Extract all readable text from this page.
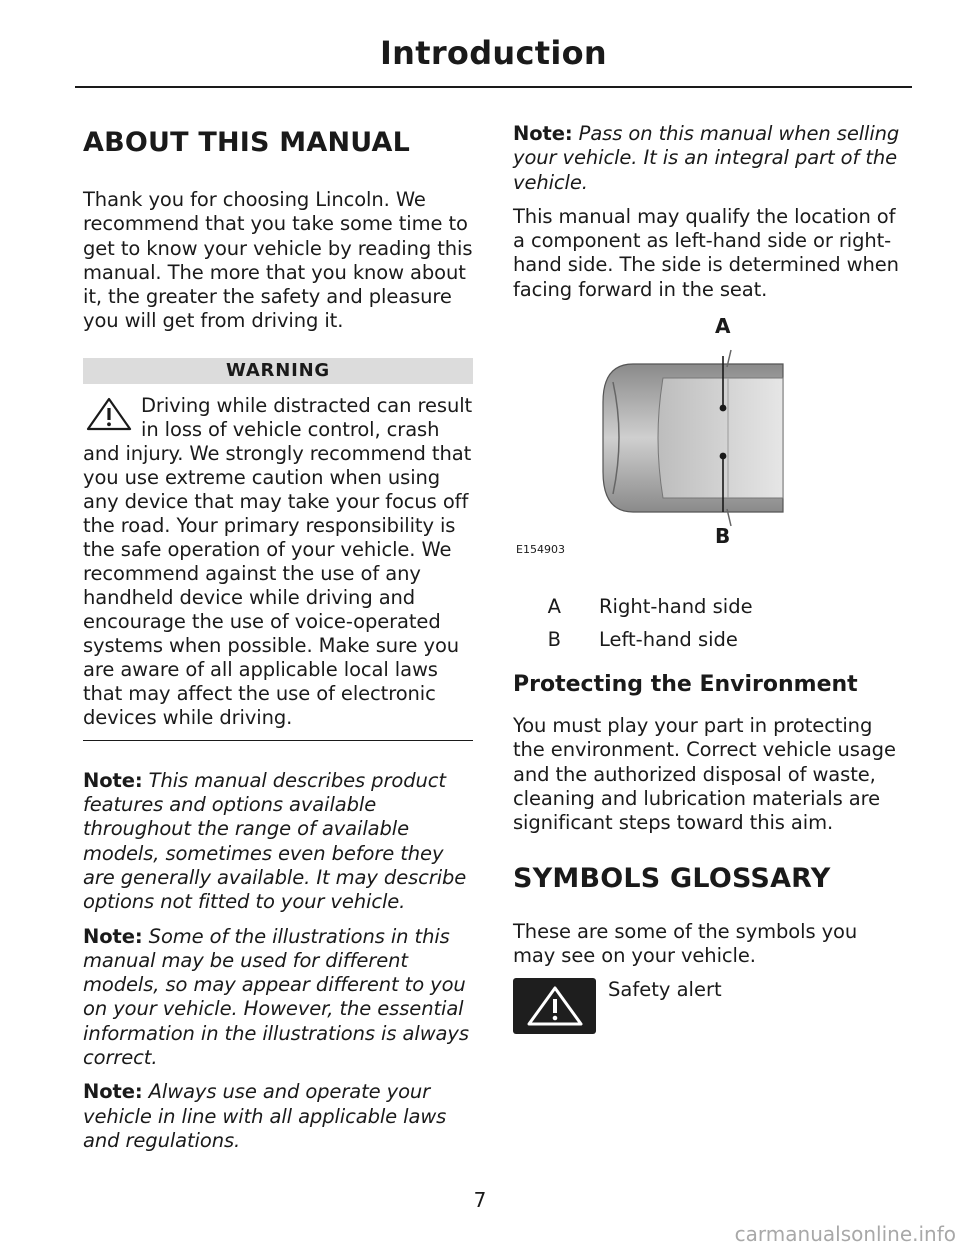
Introduction
ABOUT THIS MANUAL

Thank you for choosing Lincoln. We recommend that you take some time to get to know your vehicle by reading this manual. The more that you know about it, the greater the safety and pleasure you will get from driving it.

WARNING

Driving while distracted can result in loss of vehicle control, crash and injury. We strongly recommend that you use extreme caution when using any device that may take your focus off the road. Your primary responsibility is the safe operation of your vehicle. We recommend against the use of any handheld device while driving and encourage the use of voice-operated systems when possible. Make sure you are aware of all applicable local laws that may affect the use of electronic devices while driving.

Note: This manual describes product features and options available throughout the range of available models, sometimes even before they are generally available. It may describe options not fitted to your vehicle.

Note: Some of the illustrations in this manual may be used for different models, so may appear different to you on your vehicle. However, the essential information in the illustrations is always correct.

Note: Always use and operate your vehicle in line with all applicable laws and regulations.

Note: Pass on this manual when selling your vehicle. It is an integral part of the vehicle.

This manual may qualify the location of a component as left-hand side or right-hand side. The side is determined when facing forward in the seat.

A
B
E154903
A	Right-hand side
B	Left-hand side
Protecting the Environment

You must play your part in protecting the environment. Correct vehicle usage and the authorized disposal of waste, cleaning and lubrication materials are significant steps toward this aim.

SYMBOLS GLOSSARY

These are some of the symbols you may see on your vehicle.

Safety alert
7
carmanualsonline.info
